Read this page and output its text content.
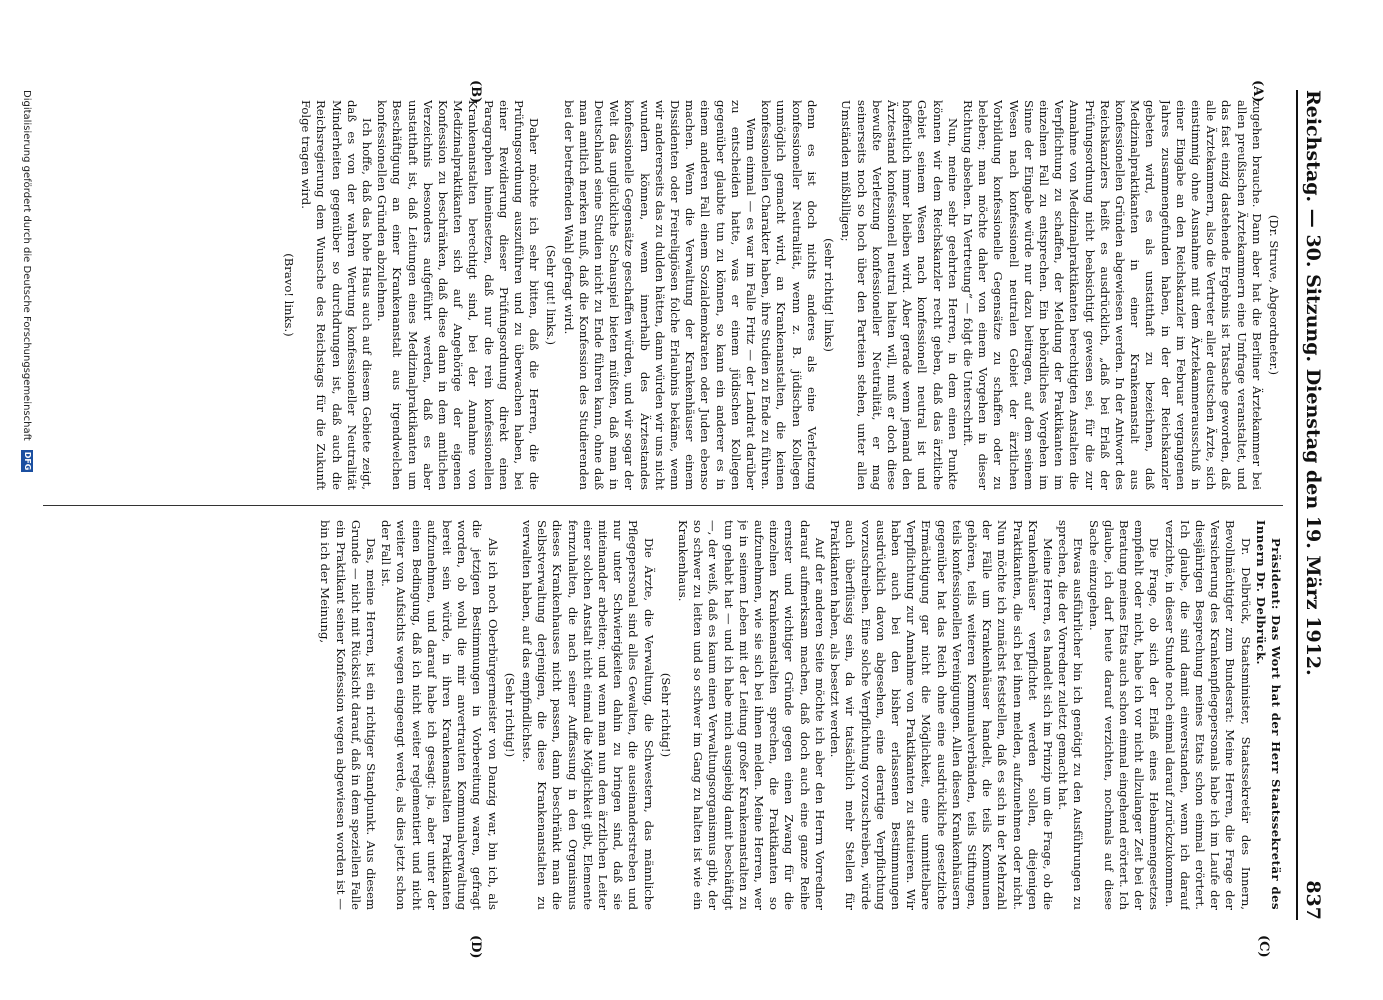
Reichstag. — 30. Sitzung. Dienstag den 19. März 1912.
837
(A)
(B)
(C)
(D)

(Dr. Struve, Abgeordneter.)

zugehen brauche. Dann aber hat die Berliner Ärztekammer bei allen preußischen Ärztekammern eine Umfrage veranstaltet, und das fast einzig dastehende Ergebnis ist Tatsache geworden, daß alle Ärztekammern, also die Vertreter aller deutschen Ärzte, sich einstimmig ohne Ausnahme mit dem Ärztekammerausschuß in einer Eingabe an den Reichskanzler im Februar vergangenen Jahres zusammengefunden haben, in der der Reichskanzler gebeten wird, es als unstatthaft zu bezeichnen, daß Medizinalpraktikanten in einer Krankenanstalt aus konfessionellen Gründen abgewiesen werden. In der Antwort des Reichskanzlers heißt es ausdrücklich, „daß bei Erlaß der Prüfungsordnung nicht beabsichtigt gewesen sei, für die zur Annahme von Medizinalpraktikanten berechtigten Anstalten die Verpflichtung zu schaffen, der Meldung der Praktikanten im einzelnen Fall zu entsprechen. Ein behördliches Vorgehen im Sinne der Eingabe würde nur dazu beitragen, auf dem seinem Wesen nach konfessionell neutralen Gebiet der ärztlichen Vorbildung konfessionelle Gegensätze zu schaffen oder zu beleben; man möchte daher von einem Vorgehen in dieser Richtung absehen. In Vertretung“ — folgt die Unterschrift.

Nun, meine sehr geehrten Herren, in dem einen Punkte können wir dem Reichskanzler recht geben, daß das ärztliche Gebiet seinem Wesen nach konfessionell neutral ist und hoffentlich immer bleiben wird. Aber gerade wenn jemand den Ärztestand konfessionell neutral halten will, muß er doch diese bewußte Verletzung konfessioneller Neutralität, er mag seinerseits noch so hoch über den Parteien stehen, unter allen Umständen mißbilligen;

(sehr richtig! links)

denn es ist doch nichts anderes als eine Verletzung konfessioneller Neutralität, wenn z. B. jüdischen Kollegen unmöglich gemacht wird, an Krankenanstalten, die keinen konfessionellen Charakter haben, ihre Studien zu Ende zu führen.

Wenn einmal — es war im Falle Fritz — der Landrat darüber zu entscheiden hatte, was er einem jüdischen Kollegen gegenüber glaubte tun zu können, so kann ein anderer es in einem anderen Fall einem Sozialdemokraten oder Juden ebenso machen. Wenn die Verwaltung der Krankenhäuser einem Dissidenten oder Freireligiösen folche Erlaubnis bekäme, wenn wir andererseits das zu dulden hätten, dann würden wir uns nicht wundern können, wenn innerhalb des Ärztestandes konfessionelle Gegensätze geschaffen würden, und wir sogar der Welt das unglückliche Schauspiel bieten müßten, daß man in Deutschland seine Studien nicht zu Ende führen kann, ohne daß man amtlich merken muß, daß die Konfession des Studierenden bei der betreffenden Wahl gefragt wird.

(Sehr gut! links.)

Daher möchte ich sehr bitten, daß die Herren, die die Prüfungsordnung auszuführen und zu überwachen haben, bei einer Revidierung dieser Prüfungsordnung direkt einen Paragraphen hineinsetzen, daß nur die rein konfessionellen Krankenanstalten berechtigt sind, bei der Annahme von Medizinalpraktikanten sich auf Angehörige der eigenen Konfession zu beschränken, daß diese dann in dem amtlichen Verzeichnis besonders aufgeführt werden, daß es aber unstatthaft ist, daß Leitungen eines Medizinalpraktikanten um Beschäftigung an einer Krankenanstalt aus irgendwelchen konfessionellen Gründen abzulehnen.

Ich hoffe, daß das hohe Haus auch auf diesem Gebiete zeigt, daß es von der wahren Wertung konfessioneller Neutralität Minderheiten gegenüber so durchdrungen ist, daß auch die Reichsregierung dem Wunsche des Reichstags für die Zukunft Folge tragen wird.

(Bravo! links.)

Präsident: Das Wort hat der Herr Staatssekretär des Innern Dr. Delbrück.

Dr. Delbrück, Staatsminister, Staatssekretär des Innern, Bevollmächtigter zum Bundesrat: Meine Herren, die Frage der Versicherung des Krankenpflegepersonals habe ich im Laufe der diesjährigen Besprechung meines Etats schon einmal erörtert. Ich glaube, die sind damit einverstanden, wenn ich darauf verzichte, in dieser Stunde noch einmal darauf zurückzukommen.

Die Frage, ob sich der Erlaß eines Hebammengesetzes empfiehlt oder nicht, habe ich vor nicht allzulanger Zeit bei der Beratung meines Etats auch schon einmal eingehend erörtert. Ich glaube, ich darf heute darauf verzichten, nochmals auf diese Sache einzugehen.

Etwas ausführlicher bin ich genötigt zu den Ausführungen zu sprechen, die der Vorredner zuletzt gemacht hat.

Meine Herren, es handelt sich im Prinzip um die Frage, ob die Krankenhäuser verpflichtet werden sollen, diejenigen Praktikanten, die sich bei ihnen melden, aufzunehmen oder nicht. Nun möchte ich zunächst feststellen, daß es sich in der Mehrzahl der Fälle um Krankenhäuser handelt, die teils Kommunen gehören, teils weiteren Kommunalverbänden, teils Stiftungen, teils konfessionellen Vereinigungen. Allen diesen Krankenhäusern gegenüber hat das Reich ohne eine ausdrückliche gesetzliche Ermächtigung gar nicht die Möglichkeit, eine unmittelbare Verpflichtung zur Annahme von Praktikanten zu statuieren. Wir haben auch bei den bisher erlassenen Bestimmungen ausdrücklich davon abgesehen, eine derartige Verpflichtung vorzuschreiben. Eine solche Verpflichtung vorzuschreiben, würde auch überflüssig sein, da wir tatsächlich mehr Stellen für Praktikanten haben, als besetzt werden.

Auf der anderen Seite möchte ich aber den Herrn Vorredner darauf aufmerksam machen, daß doch auch eine ganze Reihe ernster und wichtiger Gründe gegen einen Zwang für die einzelnen Krankenanstalten sprechen, die Praktikanten so aufzunehmen, wie sie sich bei ihnen melden. Meine Herren, wer je in seinem Leben mit der Leitung großer Krankenanstalten zu tun gehabt hat — und ich habe mich ausgiebig damit beschäftigt —, der weiß, daß es kaum einen Verwaltungsorganismus gibt, der so schwer zu leiten und so schwer im Gang zu halten ist wie ein Krankenhaus.

(Sehr richtig!)

Die Ärzte, die Verwaltung, die Schwestern, das männliche Pflegepersonal sind alles Gewalten, die auseinanderstreben und nur unter Schwierigkeiten dahin zu bringen sind, daß sie miteinander arbeiten; und wenn man nun dem ärztlichen Leiter einer solchen Anstalt nicht einmal die Möglichkeit gibt, Elemente fernzuhalten, die nach seiner Auffassung in den Organismus dieses Krankenhauses nicht passen, dann beschränkt man die Selbstverwaltung derjenigen, die diese Krankenanstalten zu verwalten haben, auf das empfindlichste.

(Sehr richtig!)

Als ich noch Oberbürgermeister von Danzig war, bin ich, als die jetzigen Bestimmungen in Vorbereitung waren, gefragt worden, ob wohl die mir anvertrauten Kommunalverwaltung bereit sein würde, in ihren Krankenanstalten Praktikanten aufzunehmen, und darauf habe ich gesagt: ja, aber unter der einen Bedingung, daß ich nicht weiter reglementiert und nicht weiter von Aufsichts wegen eingeengt werde, als dies jetzt schon der Fall ist.

Das, meine Herren, ist ein richtiger Standpunkt. Aus diesem Grunde — nicht mit Rücksicht darauf, daß in dem speziellen Falle ein Praktikant seiner Konfession wegen abgewiesen worden ist — bin ich der Meinung,

Digitalisierung gefördert durch die Deutsche Forschungsgemeinschaft DFG
